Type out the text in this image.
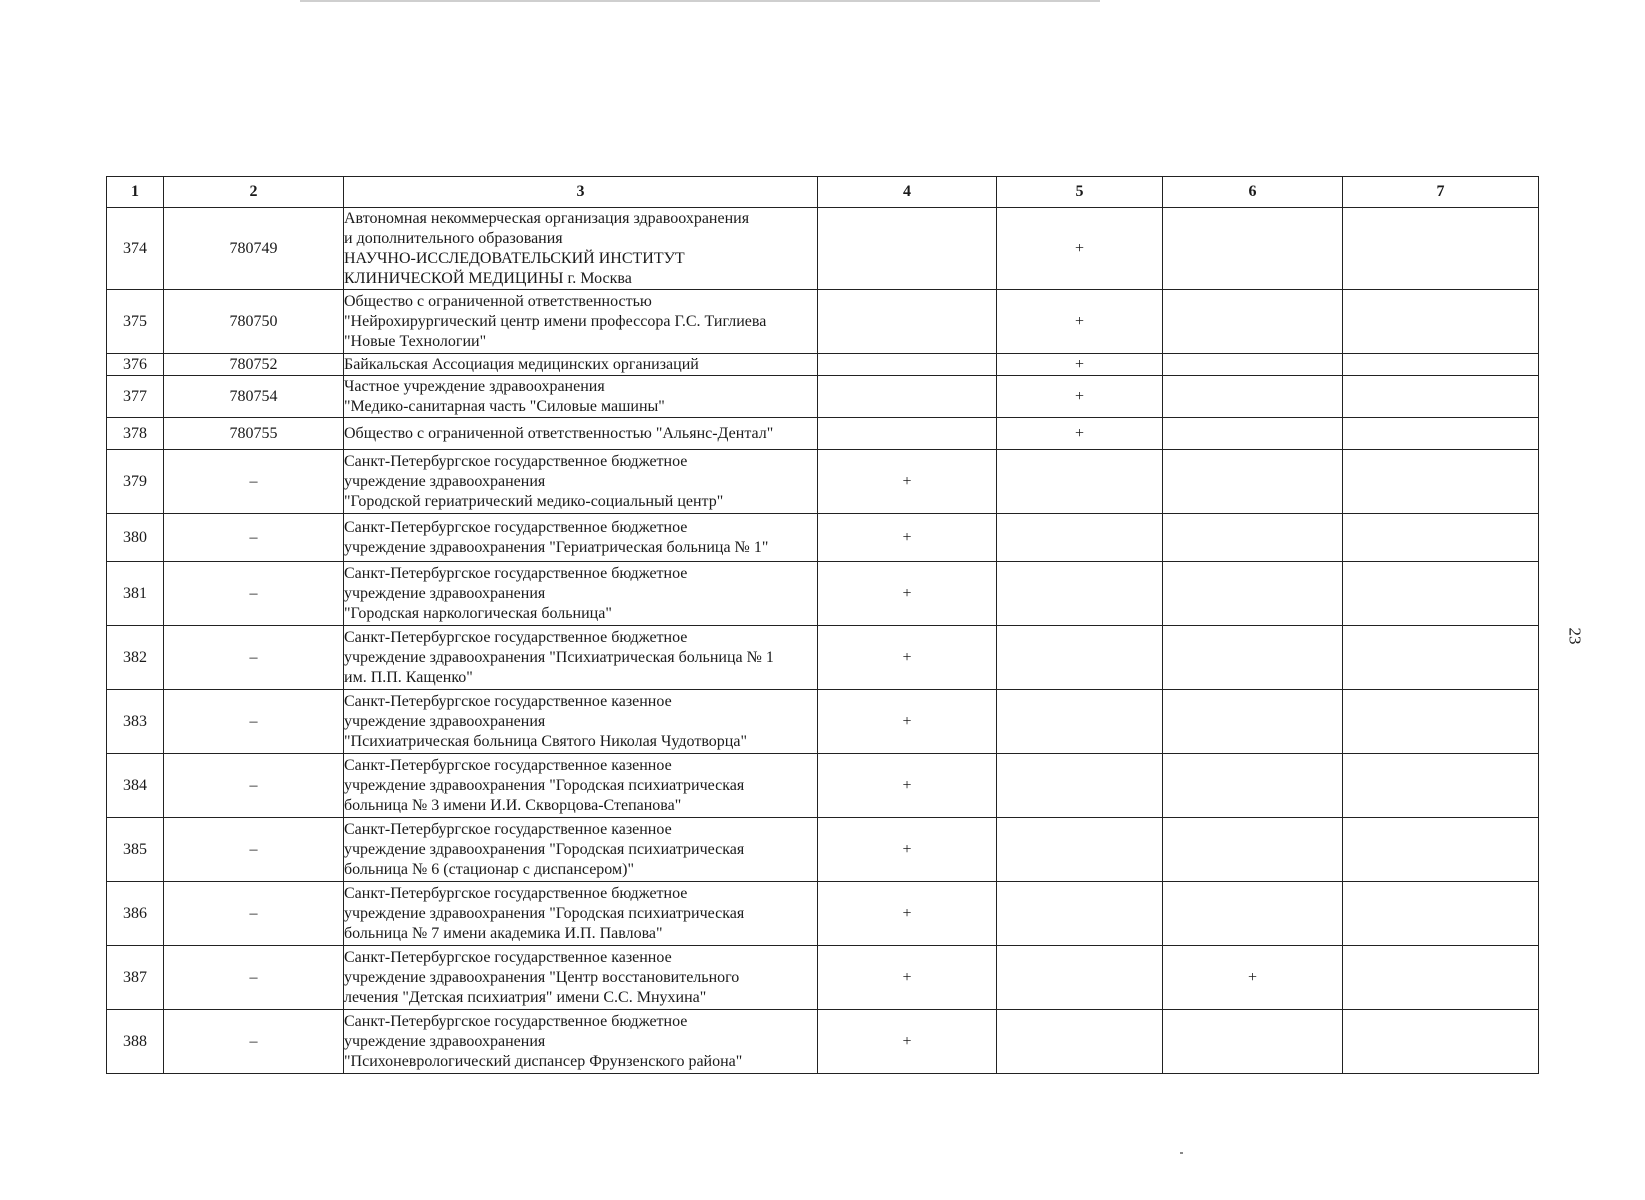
1	2	3	4	5	6	7
374	780749	Автономная некоммерческая организация здравоохранения
и дополнительного образования
НАУЧНО-ИССЛЕДОВАТЕЛЬСКИЙ ИНСТИТУТ
КЛИНИЧЕСКОЙ МЕДИЦИНЫ г. Москва		+		
375	780750	Общество с ограниченной ответственностью
"Нейрохирургический центр имени профессора Г.С. Тиглиева
"Новые Технологии"		+		
376	780752	Байкальская Ассоциация медицинских организаций		+		
377	780754	Частное учреждение здравоохранения
"Медико-санитарная часть "Силовые машины"		+		
378	780755	Общество с ограниченной ответственностью "Альянс-Дентал"		+		
379	–	Санкт-Петербургское государственное бюджетное
учреждение здравоохранения
"Городской гериатрический медико-социальный центр"	+			
380	–	Санкт-Петербургское государственное бюджетное
учреждение здравоохранения "Гериатрическая больница № 1"	+			
381	–	Санкт-Петербургское государственное бюджетное
учреждение здравоохранения
"Городская наркологическая больница"	+			
382	–	Санкт-Петербургское государственное бюджетное
учреждение здравоохранения "Психиатрическая больница № 1
им. П.П. Кащенко"	+			
383	–	Санкт-Петербургское государственное казенное
учреждение здравоохранения
"Психиатрическая больница Святого Николая Чудотворца"	+			
384	–	Санкт-Петербургское государственное казенное
учреждение здравоохранения "Городская психиатрическая
больница № 3 имени И.И. Скворцова-Степанова"	+			
385	–	Санкт-Петербургское государственное казенное
учреждение здравоохранения "Городская психиатрическая
больница № 6 (стационар с диспансером)"	+			
386	–	Санкт-Петербургское государственное бюджетное
учреждение здравоохранения "Городская психиатрическая
больница № 7 имени академика И.П. Павлова"	+			
387	–	Санкт-Петербургское государственное казенное
учреждение здравоохранения "Центр восстановительного
лечения "Детская психиатрия" имени С.С. Мнухина"	+		+	
388	–	Санкт-Петербургское государственное бюджетное
учреждение здравоохранения
"Психоневрологический диспансер Фрунзенского района"	+			
23
